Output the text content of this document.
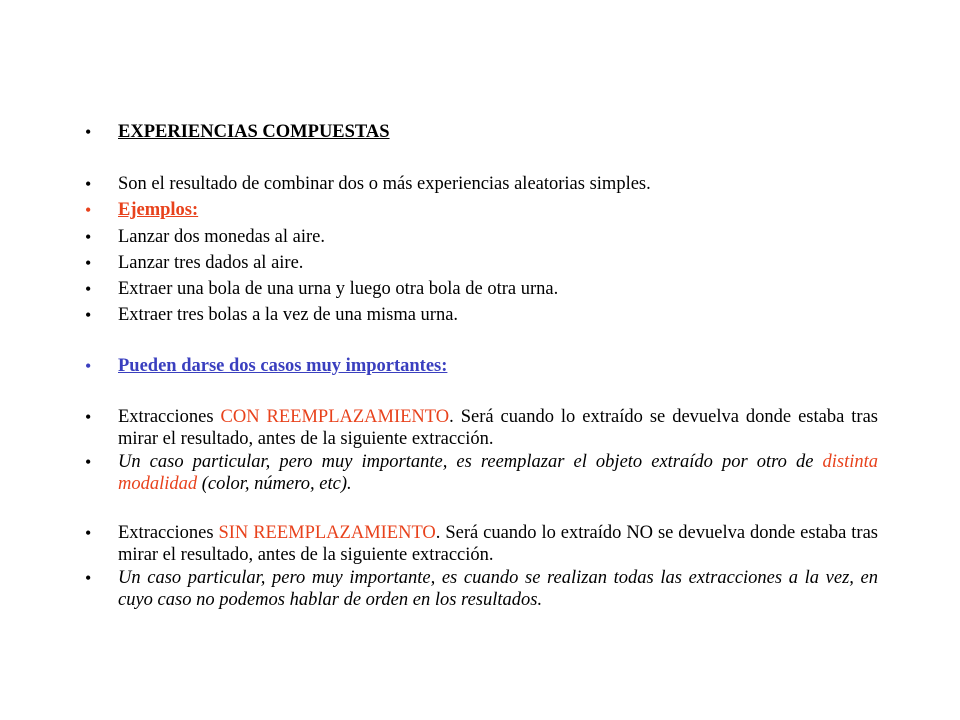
• EXPERIENCIAS COMPUESTAS
• Son el resultado de combinar dos o más experiencias aleatorias simples.
• Ejemplos:
• Lanzar dos monedas al aire.
• Lanzar tres dados al aire.
• Extraer una bola de una urna y luego otra bola de otra urna.
• Extraer tres bolas a la vez de una misma urna.
• Pueden darse dos casos muy importantes:
• Extracciones CON REEMPLAZAMIENTO. Será cuando lo extraído se devuelva donde estaba tras mirar el resultado, antes de la siguiente extracción.
• Un caso particular, pero muy importante, es reemplazar el objeto extraído por otro de distinta modalidad (color, número, etc).
• Extracciones SIN REEMPLAZAMIENTO. Será cuando lo extraído NO se devuelva donde estaba tras mirar el resultado, antes de la siguiente extracción.
• Un caso particular, pero muy importante, es cuando se realizan todas las extracciones a la vez, en cuyo caso no podemos hablar de orden en los resultados.
